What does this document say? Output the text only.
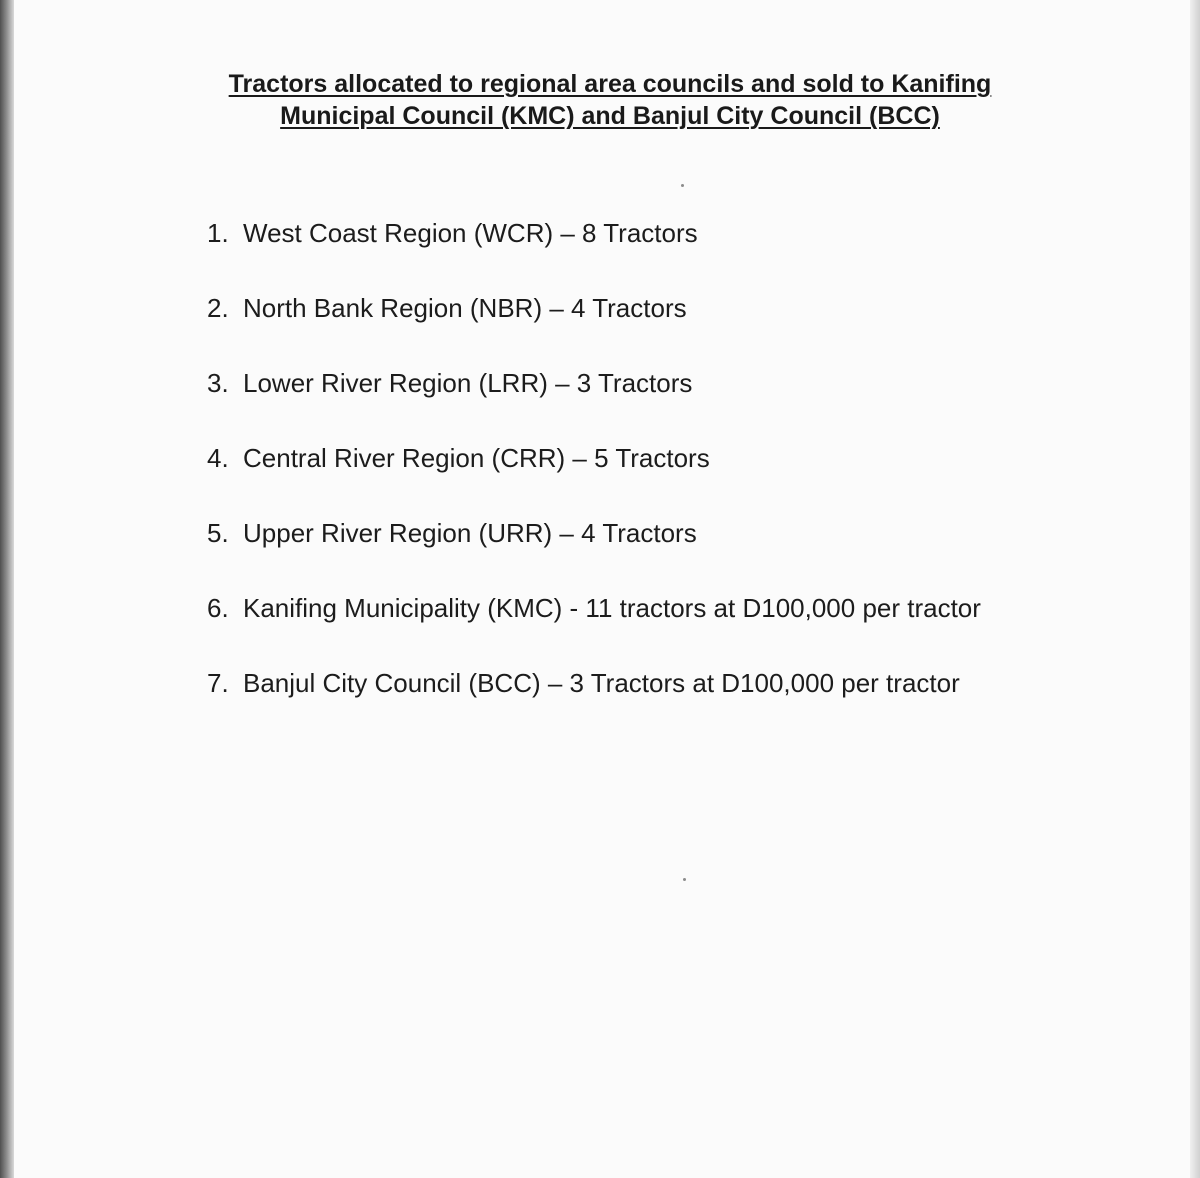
Tractors allocated to regional area councils and sold to Kanifing
Municipal Council (KMC) and Banjul City Council (BCC)
1. West Coast Region (WCR) – 8 Tractors
2. North Bank Region (NBR) – 4 Tractors
3. Lower River Region (LRR) – 3 Tractors
4. Central River Region (CRR) – 5 Tractors
5. Upper River Region (URR) – 4 Tractors
6. Kanifing Municipality (KMC) - 11 tractors at D100,000 per tractor
7. Banjul City Council (BCC) – 3 Tractors at D100,000 per tractor
